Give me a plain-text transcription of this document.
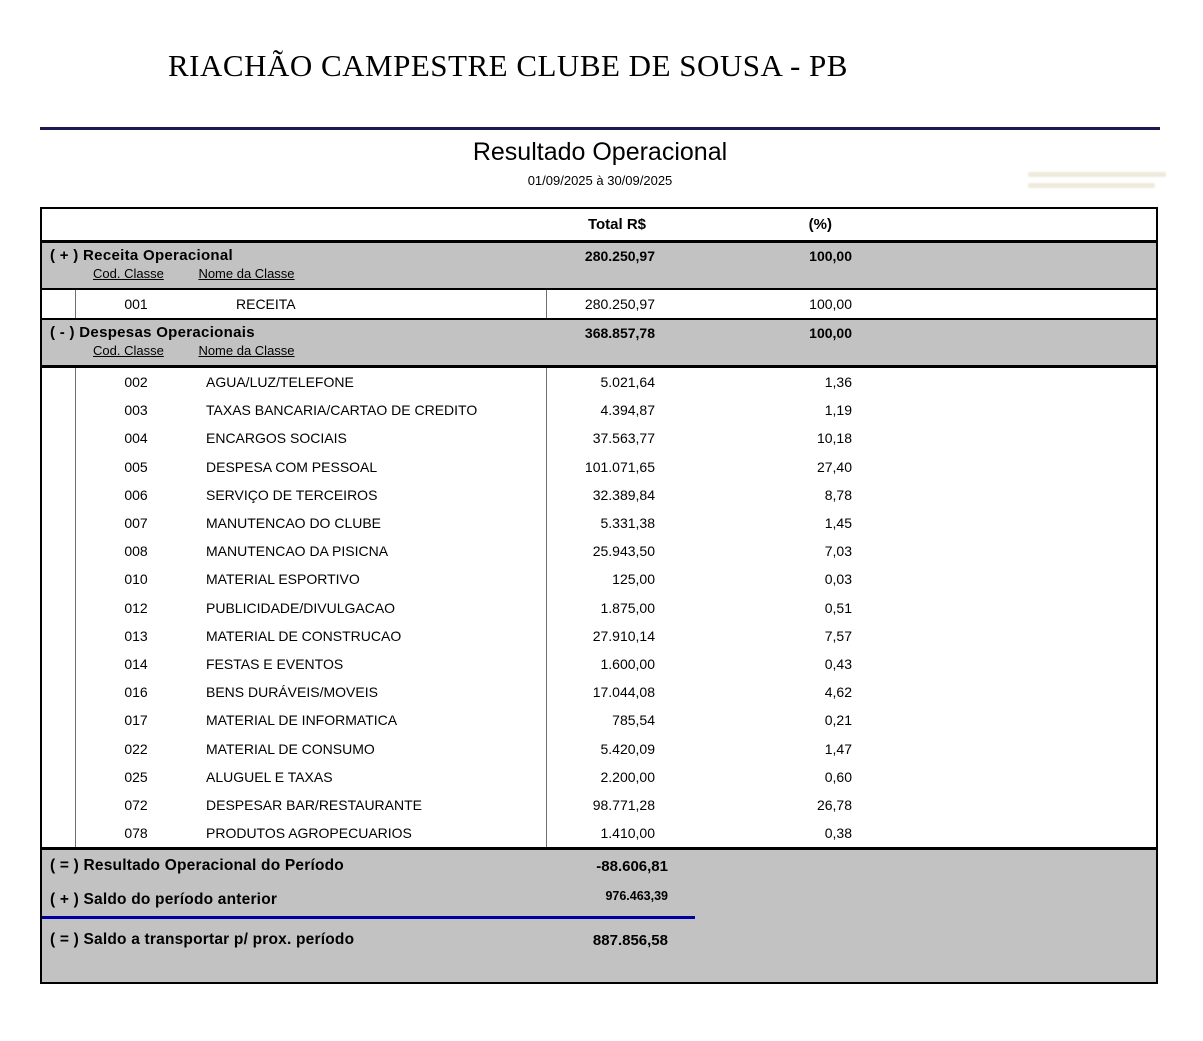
RIACHÃO CAMPESTRE CLUBE DE SOUSA - PB
Resultado Operacional
01/09/2025 à 30/09/2025
Total R$	(%)
( + ) Receita Operacional	280.250,97	100,00
Cod. Classe	Nome da Classe
001	RECEITA	280.250,97	100,00
( - ) Despesas Operacionais	368.857,78	100,00
Cod. Classe	Nome da Classe
002	AGUA/LUZ/TELEFONE	5.021,64	1,36
003	TAXAS BANCARIA/CARTAO DE CREDITO	4.394,87	1,19
004	ENCARGOS SOCIAIS	37.563,77	10,18
005	DESPESA COM PESSOAL	101.071,65	27,40
006	SERVIÇO DE TERCEIROS	32.389,84	8,78
007	MANUTENCAO DO CLUBE	5.331,38	1,45
008	MANUTENCAO DA PISICNA	25.943,50	7,03
010	MATERIAL ESPORTIVO	125,00	0,03
012	PUBLICIDADE/DIVULGACAO	1.875,00	0,51
013	MATERIAL DE CONSTRUCAO	27.910,14	7,57
014	FESTAS E EVENTOS	1.600,00	0,43
016	BENS DURÁVEIS/MOVEIS	17.044,08	4,62
017	MATERIAL DE INFORMATICA	785,54	0,21
022	MATERIAL DE CONSUMO	5.420,09	1,47
025	ALUGUEL E TAXAS	2.200,00	0,60
072	DESPESAR BAR/RESTAURANTE	98.771,28	26,78
078	PRODUTOS AGROPECUARIOS	1.410,00	0,38
( = ) Resultado Operacional do Período	-88.606,81
( + ) Saldo do período anterior	976.463,39
( = ) Saldo a transportar p/ prox. período	887.856,58
